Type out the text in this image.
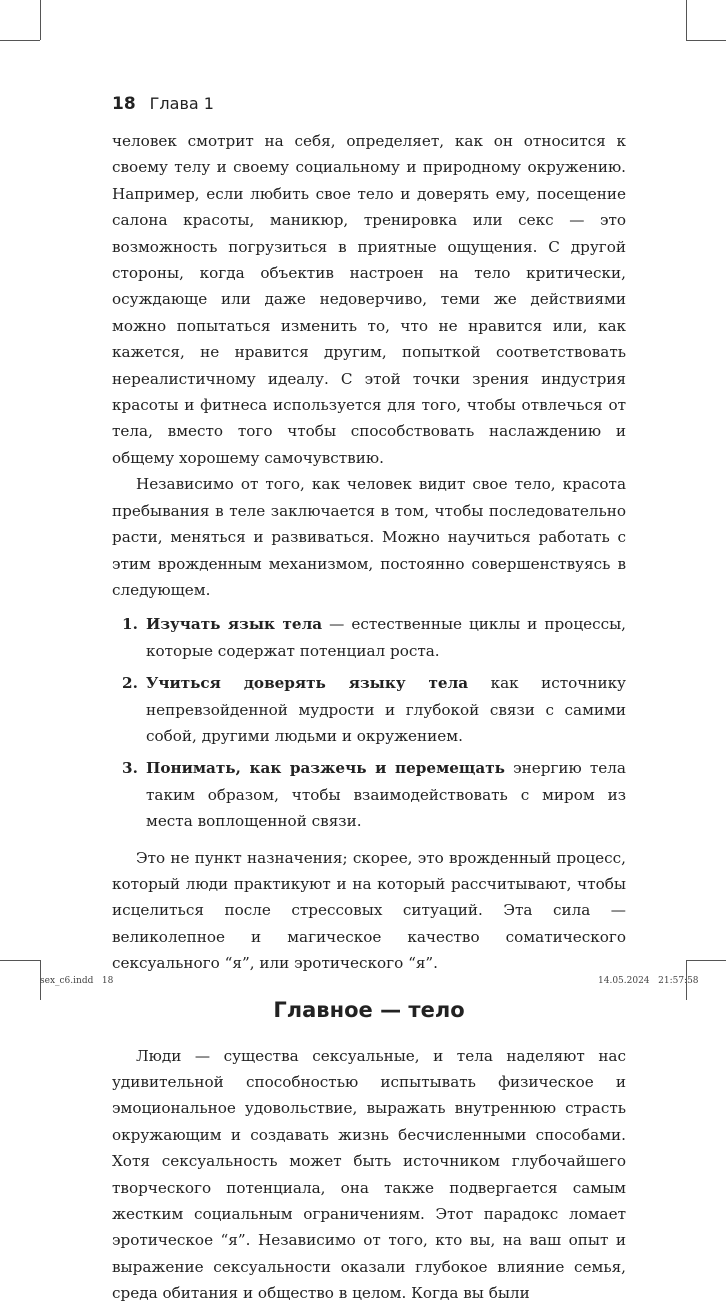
18 Глава 1

человек смотрит на себя, определяет, как он относится к своему телу и своему социальному и природному окружению. Например, если любить свое тело и доверять ему, посещение салона красоты, маникюр, тренировка или секс — это возможность погрузиться в приятные ощущения. С другой стороны, когда объектив настроен на тело критически, осуждающе или даже недоверчиво, теми же действиями можно попытаться изменить то, что не нравится или, как кажется, не нравится другим, попыткой соответствовать нереалистичному идеалу. С этой точки зрения индустрия красоты и фитнеса используется для того, чтобы отвлечься от тела, вместо того чтобы способствовать наслаждению и общему хорошему самочувствию.

Независимо от того, как человек видит свое тело, красота пребывания в теле заключается в том, чтобы последовательно расти, меняться и развиваться. Можно научиться работать с этим врожденным механизмом, постоянно совершенствуясь в следующем.

1. Изучать язык тела — естественные циклы и процессы, которые содержат потенциал роста.
2. Учиться доверять языку тела как источнику непревзойденной мудрости и глубокой связи с самими собой, другими людьми и окружением.
3. Понимать, как разжечь и перемещать энергию тела таким образом, чтобы взаимодействовать с миром из места воплощенной связи.

Это не пункт назначения; скорее, это врожденный процесс, который люди практикуют и на который рассчитывают, чтобы исцелиться после стрессовых ситуаций. Эта сила — великолепное и магическое качество соматического сексуального “я”, или эротического “я”.

Главное — тело

Люди — существа сексуальные, и тела наделяют нас удивительной способностью испытывать физическое и эмоциональное удовольствие, выражать внутреннюю страсть окружающим и создавать жизнь бесчисленными способами. Хотя сексуальность может быть источником глубочайшего творческого потенциала, она также подвергается самым жестким социальным ограничениям. Этот парадокс ломает эротическое “я”. Независимо от того, кто вы, на ваш опыт и выражение сексуальности оказали глубокое влияние семья, среда обитания и общество в целом. Когда вы были

sex_c6.indd   18	14.05.2024   21:57:58
